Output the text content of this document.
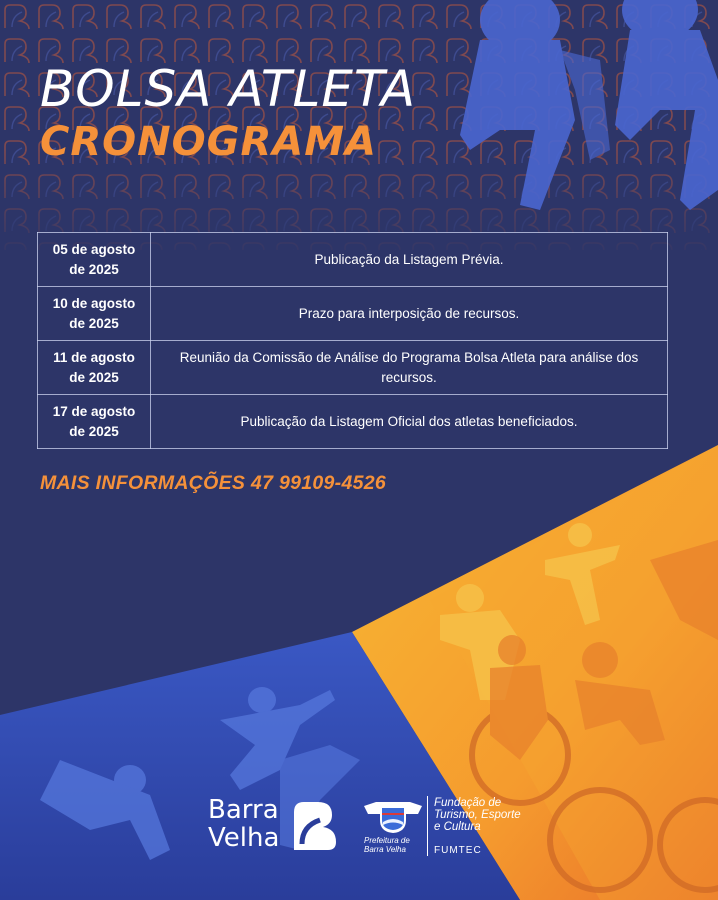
BOLSA ATLETA
CRONOGRAMA
05 de agosto
de 2025	Publicação da Listagem Prévia.
10 de agosto
de 2025	Prazo para interposição de recursos.
11 de agosto
de 2025	Reunião da Comissão de Análise do Programa Bolsa Atleta para análise dos recursos.
17 de agosto
de 2025	Publicação da Listagem Oficial dos atletas beneficiados.
MAIS INFORMAÇÕES 47 99109-4526
Barra
Velha	Prefeitura de
Barra Velha
Fundação de
Turismo, Esporte
e Cultura
FUMTEC
